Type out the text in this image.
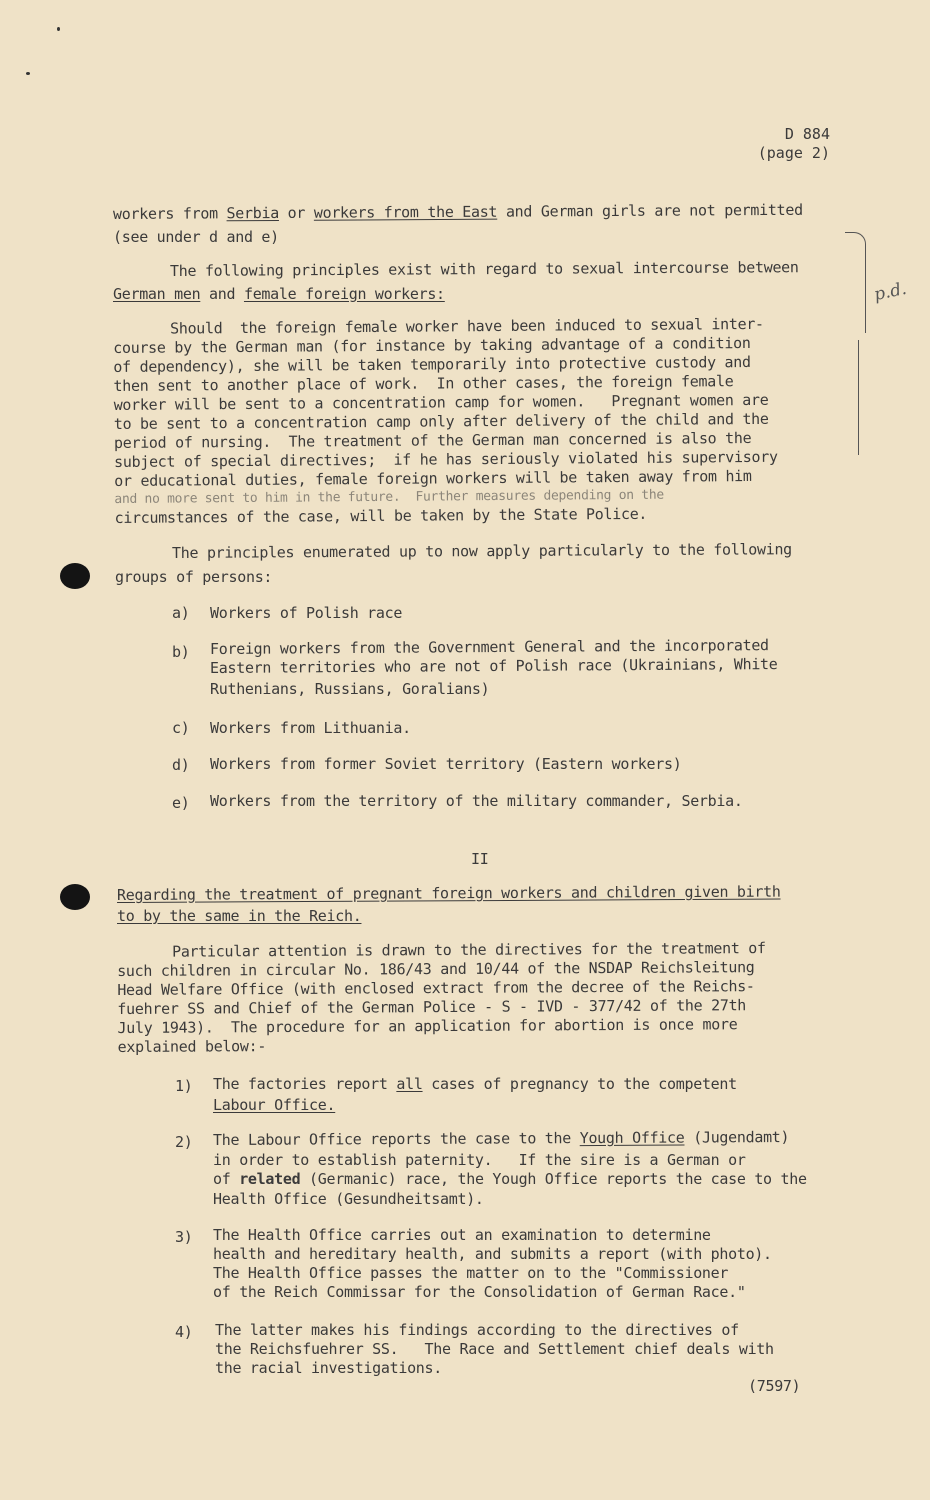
D 884
(page 2)
workers from Serbia or workers from the East and German girls are not permitted
(see under d and e)
The following principles exist with regard to sexual intercourse between
German men and female foreign workers:	p.d.
Should  the foreign female worker have been induced to sexual inter-
course by the German man (for instance by taking advantage of a condition
of dependency), she will be taken temporarily into protective custody and
then sent to another place of work.  In other cases, the foreign female
worker will be sent to a concentration camp for women.   Pregnant women are
to be sent to a concentration camp only after delivery of the child and the
period of nursing.  The treatment of the German man concerned is also the
subject of special directives;  if he has seriously violated his supervisory
or educational duties, female foreign workers will be taken away from him
and no more sent to him in the future.  Further measures depending on the
circumstances of the case, will be taken by the State Police.
The principles enumerated up to now apply particularly to the following
groups of persons:
a) Workers of Polish race
b) Foreign workers from the Government General and the incorporated
Eastern territories who are not of Polish race (Ukrainians, White
Ruthenians, Russians, Goralians)
c) Workers from Lithuania.
d) Workers from former Soviet territory (Eastern workers)
e) Workers from the territory of the military commander, Serbia.
II
Regarding the treatment of pregnant foreign workers and children given birth
to by the same in the Reich.
Particular attention is drawn to the directives for the treatment of
such children in circular No. 186/43 and 10/44 of the NSDAP Reichsleitung
Head Welfare Office (with enclosed extract from the decree of the Reichs-
fuehrer SS and Chief of the German Police - S - IVD - 377/42 of the 27th
July 1943).  The procedure for an application for abortion is once more
explained below:-
1) The factories report all cases of pregnancy to the competent
Labour Office.
2) The Labour Office reports the case to the Yough Office (Jugendamt)
in order to establish paternity.   If the sire is a German or
of related (Germanic) race, the Yough Office reports the case to the
Health Office (Gesundheitsamt).
3) The Health Office carries out an examination to determine
health and hereditary health, and submits a report (with photo).
The Health Office passes the matter on to the "Commissioner
of the Reich Commissar for the Consolidation of German Race."
4) The latter makes his findings according to the directives of
the Reichsfuehrer SS.   The Race and Settlement chief deals with
the racial investigations.
(7597)
